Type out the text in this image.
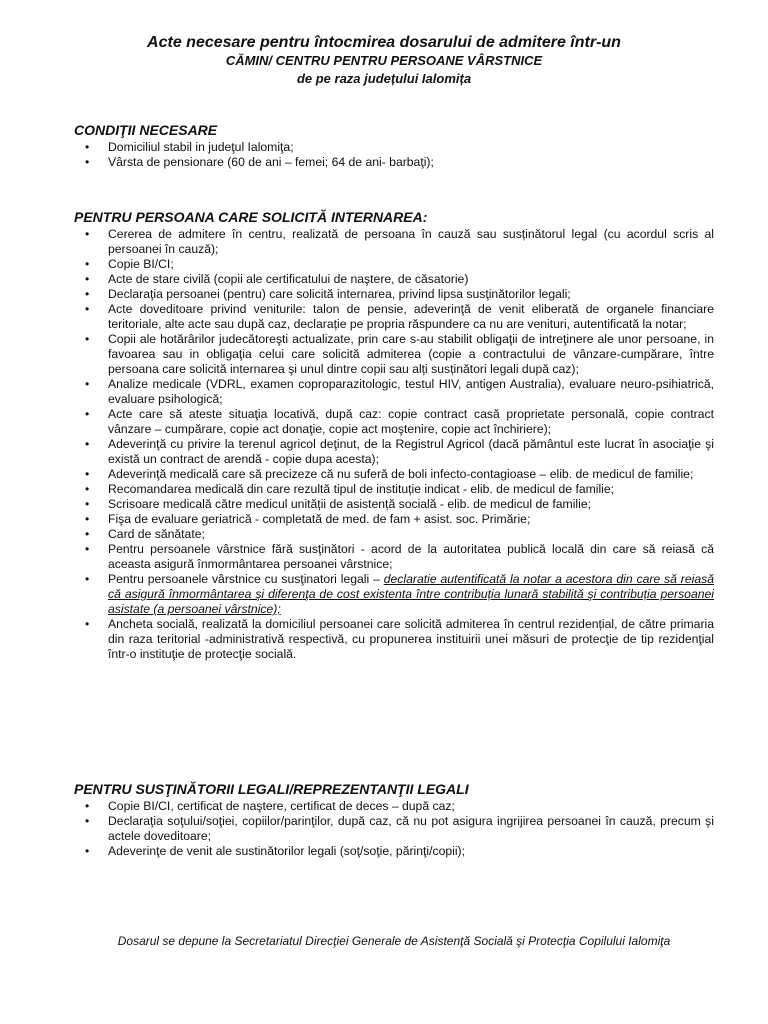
Acte necesare pentru întocmirea dosarului de admitere într-un
CĂMIN/ CENTRU PENTRU PERSOANE VÂRSTNICE
de pe raza județului Ialomița
CONDIŢII NECESARE
• Domiciliul stabil in judeţul Ialomiţa;
• Vârsta de pensionare (60 de ani – femei; 64 de ani- barbaţi);
PENTRU PERSOANA CARE SOLICITĂ INTERNAREA:
• Cererea de admitere în centru, realizată de persoana în cauză sau susținătorul legal (cu acordul scris al persoanei în cauză);
• Copie BI/CI;
• Acte de stare civilă (copii ale certificatului de naştere, de căsatorie)
• Declaraţia persoanei (pentru) care solicită internarea, privind lipsa susţinătorilor legali;
• Acte doveditoare privind veniturile: talon de pensie, adeverinţă de venit eliberată de organele financiare teritoriale, alte acte sau după caz, declarație pe propria răspundere ca nu are venituri, autentificată la notar;
• Copii ale hotărârilor judecătoreşti actualizate, prin care s-au stabilit obligaţii de intreţinere ale unor persoane, in favoarea sau in obligaţia celui care solicită admiterea (copie a contractului de vânzare-cumpărare, între persoana care solicită internarea şi unul dintre copii sau alți susținători legali după caz);
• Analize medicale (VDRL, examen coproparazitologic, testul HIV, antigen Australia), evaluare neuro-psihiatrică, evaluare psihologică;
• Acte care să ateste situaţia locativă, după caz: copie contract casă proprietate personală, copie contract vânzare – cumpărare, copie act donaţie, copie act moştenire, copie act închiriere);
• Adeverinţă cu privire la terenul agricol deţinut, de la Registrul Agricol (dacă pământul este lucrat în asociaţie şi există un contract de arendă - copie dupa acesta);
• Adeverinţă medicală care să precizeze că nu suferă de boli infecto-contagioase – elib. de medicul de familie;
• Recomandarea medicală din care rezultă tipul de instituție indicat - elib. de medicul de familie;
• Scrisoare medicală către medicul unității de asistență socială - elib. de medicul de familie;
• Fişa de evaluare geriatrică - completată de med. de fam + asist. soc. Primărie;
• Card de sănătate;
• Pentru persoanele vârstnice fără susţinători - acord de la autoritatea publică locală din care să reiasă că aceasta asigură înmormântarea persoanei vârstnice;
• Pentru persoanele vârstnice cu susţinatori legali – declaratie autentificată la notar a acestora din care să reiasă că asigură înmormântarea şi diferenţa de cost existenta între contribuția lunară stabilită şi contribuția persoanei asistate (a persoanei vârstnice);
• Ancheta socială, realizată la domiciliul persoanei care solicită admiterea în centrul rezidențial, de către primaria din raza teritorial -administrativă respectivă, cu propunerea instituirii unei măsuri de protecţie de tip rezidenţial într-o instituţie de protecţie socială.
PENTRU SUSŢINĂTORII LEGALI/REPREZENTANŢII LEGALI
• Copie BI/CI, certificat de naştere, certificat de deces – după caz;
• Declaraţia soţului/soţiei, copiilor/parinţilor, după caz, că nu pot asigura ingrijirea persoanei în cauză, precum şi actele doveditoare;
• Adeverinţe de venit ale sustinătorilor legali (soţ/soţie, părinţi/copii);
Dosarul se depune la Secretariatul Direcţiei Generale de Asistenţă Socială şi Protecţia Copilului Ialomiţa
